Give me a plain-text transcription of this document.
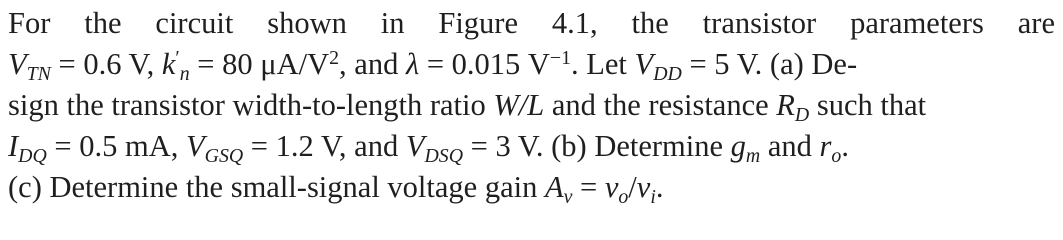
For the circuit shown in Figure 4.1, the transistor parameters are
$V_{TN} = 0.6$ V, $k'_n = 80$ $\mu A/V^2$, and λ = 0.015 $V^{-1}$. Let $V_{DD} = 5$ V. (a) De-
sign the transistor width-to-length ratio W/L and the resistance $R_D$ such that
$I_{DQ} = 0.5$ mA, $V_{GSQ} = 1.2$ V, and $V_{DSQ} = 3$ V. (b) Determine $g_m$ and $r_o$.
(c) Determine the small-signal voltage gain $A_v = v_o/v_i$.
